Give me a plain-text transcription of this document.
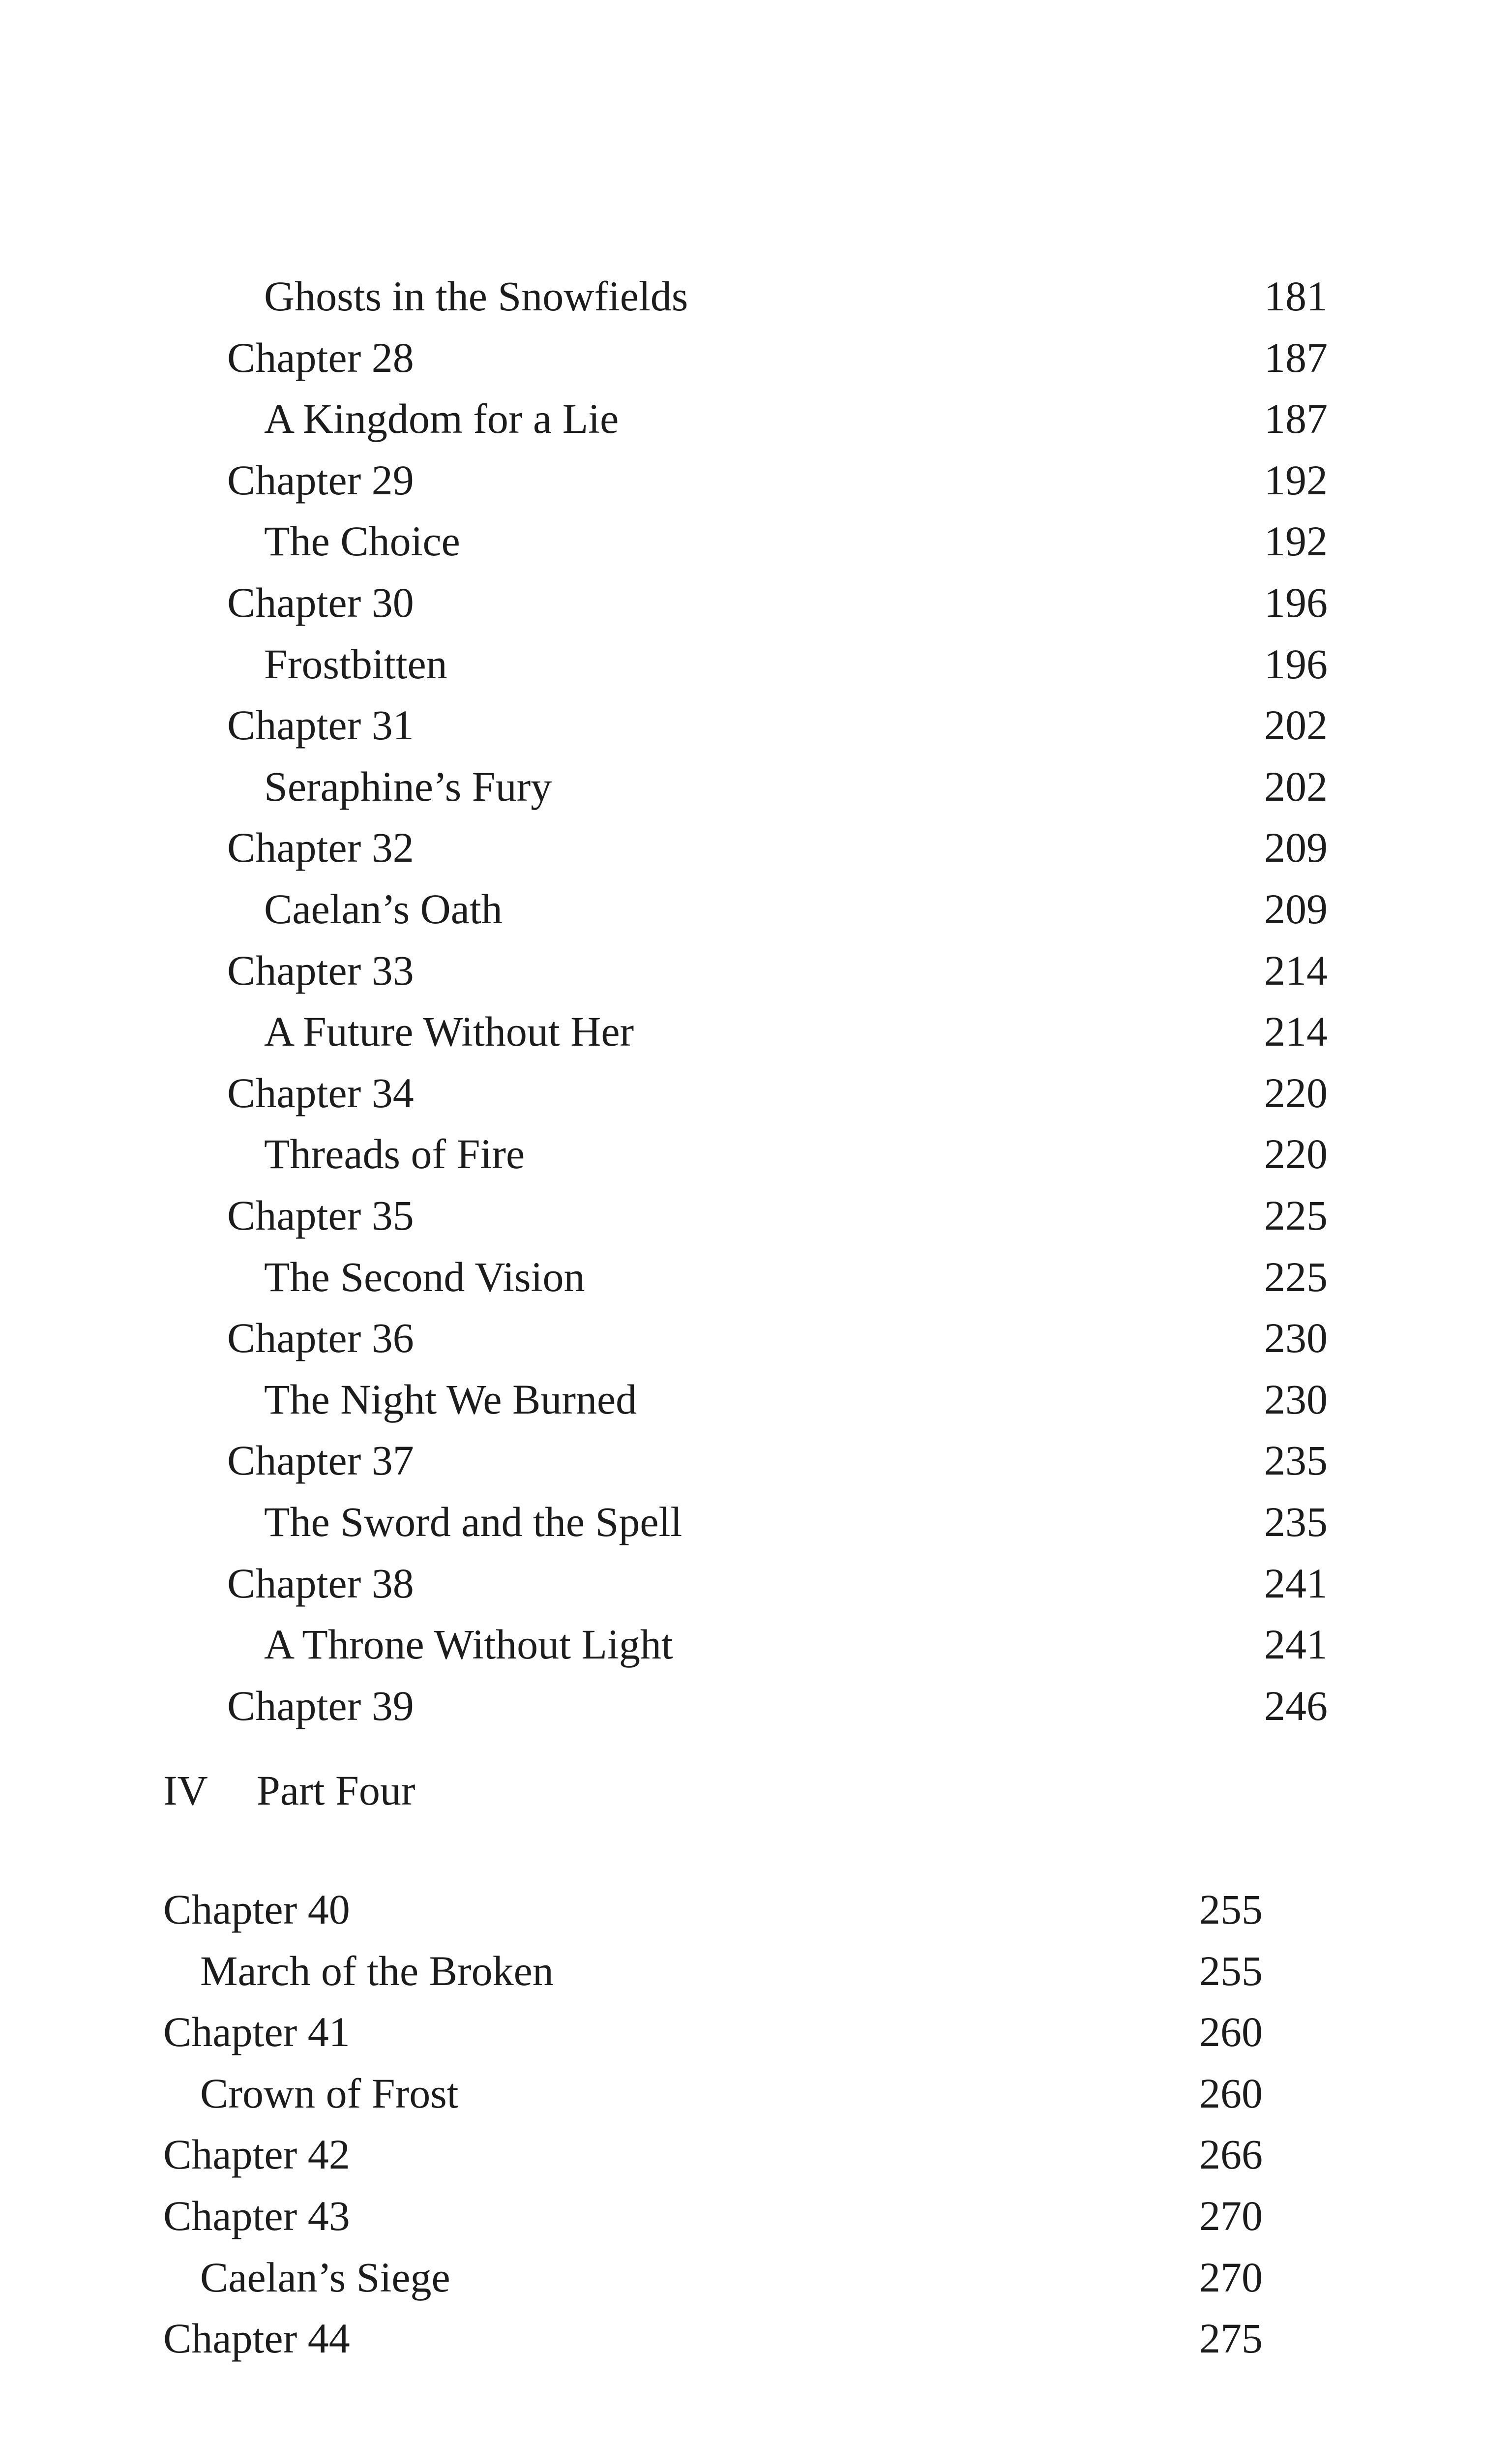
Ghosts in the Snowfields	181
Chapter 28	187
A Kingdom for a Lie	187
Chapter 29	192
The Choice	192
Chapter 30	196
Frostbitten	196
Chapter 31	202
Seraphine’s Fury	202
Chapter 32	209
Caelan’s Oath	209
Chapter 33	214
A Future Without Her	214
Chapter 34	220
Threads of Fire	220
Chapter 35	225
The Second Vision	225
Chapter 36	230
The Night We Burned	230
Chapter 37	235
The Sword and the Spell	235
Chapter 38	241
A Throne Without Light	241
Chapter 39	246
IV Part Four
Chapter 40	255
March of the Broken	255
Chapter 41	260
Crown of Frost	260
Chapter 42	266
Chapter 43	270
Caelan’s Siege	270
Chapter 44	275
